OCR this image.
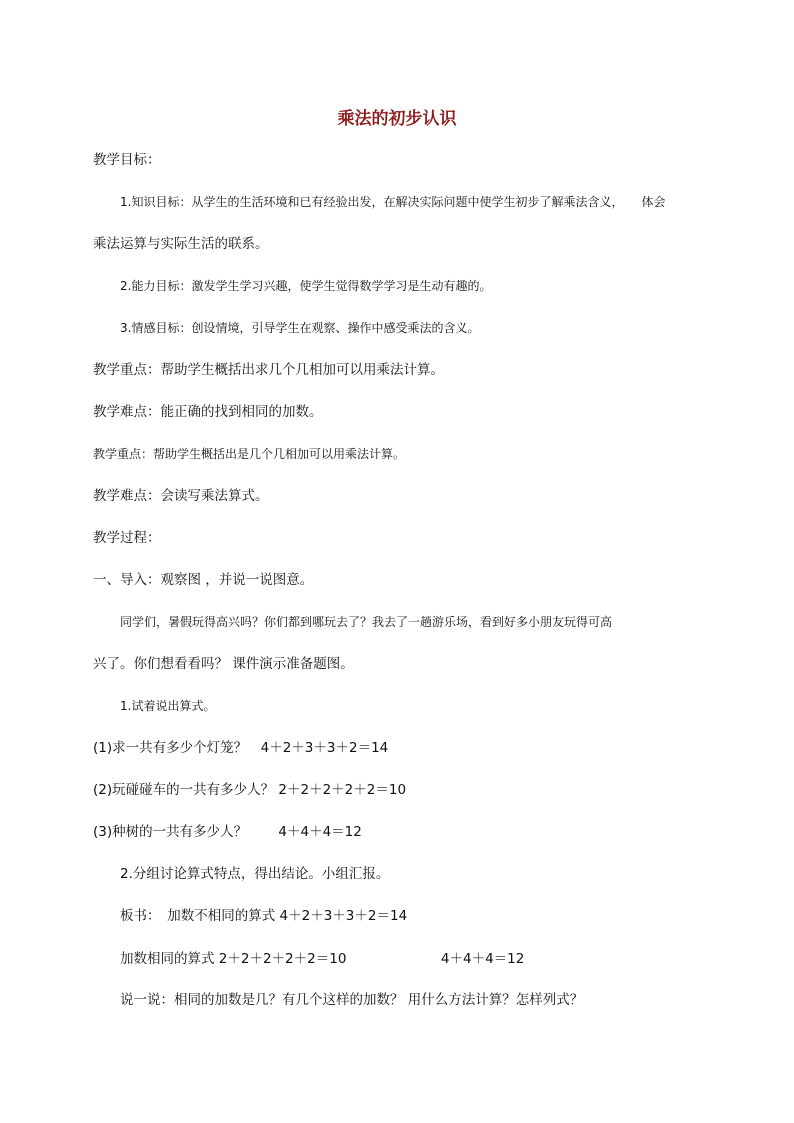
乘法的初步认识
教学目标：
1.知识目标：从学生的生活环境和已有经验出发，在解决实际问题中使学生初步了解乘法含义，　　体会
乘法运算与实际生活的联系。
2.能力目标：激发学生学习兴趣，使学生觉得数学学习是生动有趣的。
3.情感目标：创设情境，引导学生在观察、操作中感受乘法的含义。
教学重点：帮助学生概括出求几个几相加可以用乘法计算。
教学难点：能正确的找到相同的加数。
教学重点：帮助学生概括出是几个几相加可以用乘法计算。
教学难点：会读写乘法算式。
教学过程：
一、导入：观察图 ，并说一说图意。
同学们，暑假玩得高兴吗？你们都到哪玩去了？我去了一趟游乐场，看到好多小朋友玩得可高
兴了。你们想看看吗？ 课件演示准备题图。
1.试着说出算式。
(1)求一共有多少个灯笼？　4＋2＋3＋3＋2＝14
(2)玩碰碰车的一共有多少人？ 2＋2＋2＋2＋2＝10
(3)种树的一共有多少人？　　 4＋4＋4＝12
2.分组讨论算式特点，得出结论。小组汇报。
板书：　加数不相同的算式 4＋2＋3＋3＋2＝14
加数相同的算式 2＋2＋2＋2＋2＝10　　　　　　　4＋4＋4＝12
说一说：相同的加数是几？有几个这样的加数？ 用什么方法计算？怎样列式？
